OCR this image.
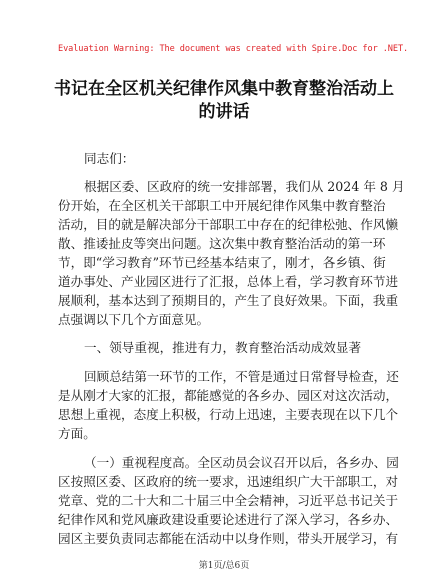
Evaluation Warning: The document was created with Spire.Doc for .NET.
书记在全区机关纪律作风集中教育整治活动上
的讲话
同志们：
根据区委、区政府的统一安排部署，我们从 2024 年 8 月
份开始，在全区机关干部职工中开展纪律作风集中教育整治
活动，目的就是解决部分干部职工中存在的纪律松弛、作风懒
散、推诿扯皮等突出问题。这次集中教育整治活动的第一环
节，即“学习教育”环节已经基本结束了，刚才，各乡镇、街
道办事处、产业园区进行了汇报，总体上看，学习教育环节进
展顺利，基本达到了预期目的，产生了良好效果。下面，我重
点强调以下几个方面意见。
一、领导重视，推进有力，教育整治活动成效显著
回顾总结第一环节的工作，不管是通过日常督导检查，还
是从刚才大家的汇报，都能感觉的各乡办、园区对这次活动，
思想上重视，态度上积极，行动上迅速，主要表现在以下几个
方面。
（一）重视程度高。全区动员会议召开以后，各乡办、园
区按照区委、区政府的统一要求，迅速组织广大干部职工，对
党章、党的二十大和二十届三中全会精神，习近平总书记关于
纪律作风和党风廉政建设重要论述进行了深入学习，各乡办、
园区主要负责同志都能在活动中以身作则，带头开展学习，有
第1页/总6页
